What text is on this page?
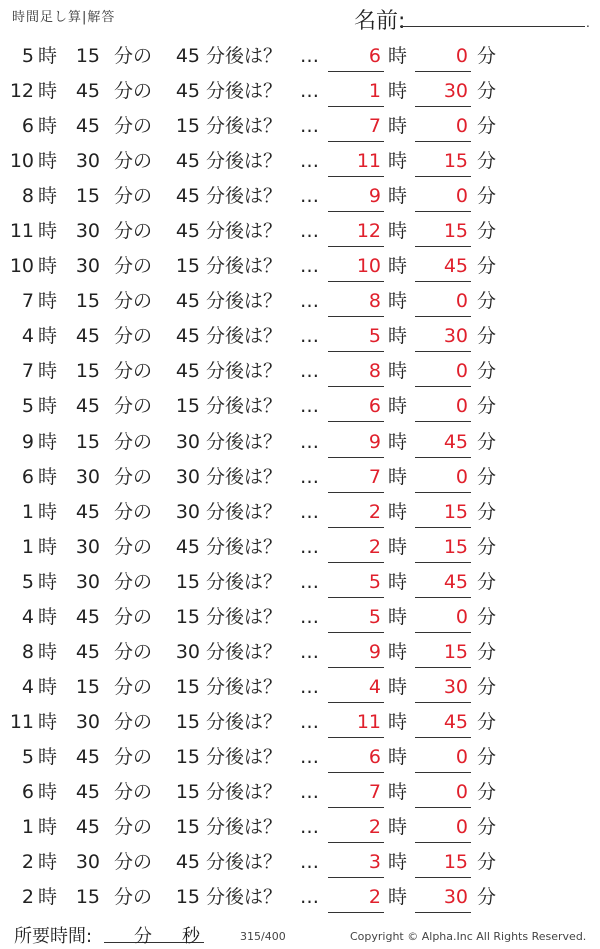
時間足し算|解答	名前:	.
5 時 15 分の	45 分後は？ …	6 時	0 分
12 時 45 分の	45 分後は？ …	1 時	30 分
6 時 45 分の	15 分後は？ …	7 時	0 分
10 時 30 分の	45 分後は？ …	11 時	15 分
8 時 15 分の	45 分後は？ …	9 時	0 分
11 時 30 分の	45 分後は？ …	12 時	15 分
10 時 30 分の	15 分後は？ …	10 時	45 分
7 時 15 分の	45 分後は？ …	8 時	0 分
4 時 45 分の	45 分後は？ …	5 時	30 分
7 時 15 分の	45 分後は？ …	8 時	0 分
5 時 45 分の	15 分後は？ …	6 時	0 分
9 時 15 分の	30 分後は？ …	9 時	45 分
6 時 30 分の	30 分後は？ …	7 時	0 分
1 時 45 分の	30 分後は？ …	2 時	15 分
1 時 30 分の	45 分後は？ …	2 時	15 分
5 時 30 分の	15 分後は？ …	5 時	45 分
4 時 45 分の	15 分後は？ …	5 時	0 分
8 時 45 分の	30 分後は？ …	9 時	15 分
4 時 15 分の	15 分後は？ …	4 時	30 分
11 時 30 分の	15 分後は？ …	11 時	45 分
5 時 45 分の	15 分後は？ …	6 時	0 分
6 時 45 分の	15 分後は？ …	7 時	0 分
1 時 45 分の	15 分後は？ …	2 時	0 分
2 時 30 分の	45 分後は？ …	3 時	15 分
2 時 15 分の	15 分後は？ …	2 時	30 分
所要時間: 分 秒	315/400	Copyright © Alpha.Inc All Rights Reserved.
